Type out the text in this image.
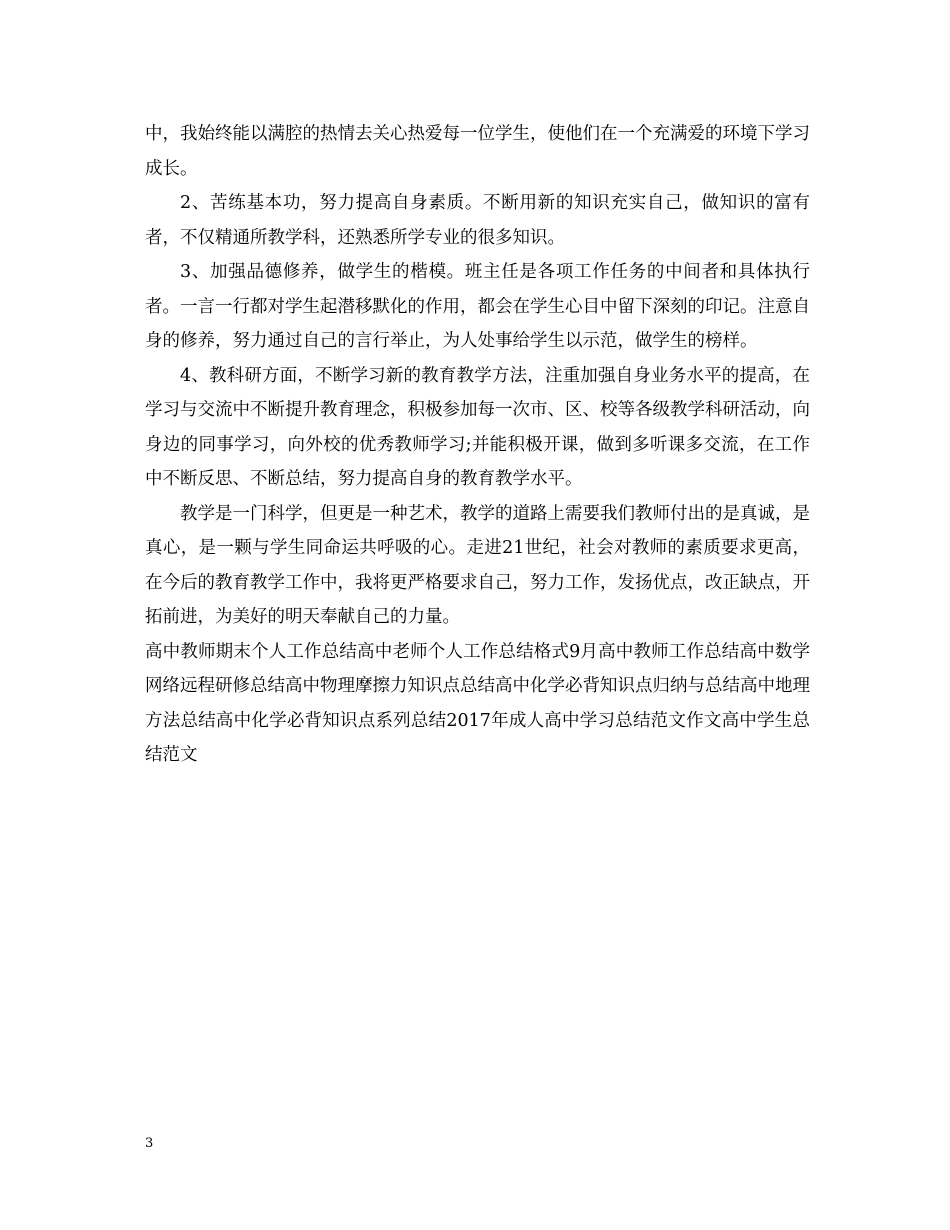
中，我始终能以满腔的热情去关心热爱每一位学生，使他们在一个充满爱的环境下学习成长。

2、苦练基本功，努力提高自身素质。不断用新的知识充实自己，做知识的富有者，不仅精通所教学科，还熟悉所学专业的很多知识。

3、加强品德修养，做学生的楷模。班主任是各项工作任务的中间者和具体执行者。一言一行都对学生起潜移默化的作用，都会在学生心目中留下深刻的印记。注意自身的修养，努力通过自己的言行举止，为人处事给学生以示范，做学生的榜样。

4、教科研方面，不断学习新的教育教学方法，注重加强自身业务水平的提高，在学习与交流中不断提升教育理念，积极参加每一次市、区、校等各级教学科研活动，向身边的同事学习，向外校的优秀教师学习;并能积极开课，做到多听课多交流，在工作中不断反思、不断总结，努力提高自身的教育教学水平。

教学是一门科学，但更是一种艺术，教学的道路上需要我们教师付出的是真诚，是真心，是一颗与学生同命运共呼吸的心。走进21世纪，社会对教师的素质要求更高，在今后的教育教学工作中，我将更严格要求自己，努力工作，发扬优点，改正缺点，开拓前进，为美好的明天奉献自己的力量。

高中教师期末个人工作总结高中老师个人工作总结格式9月高中教师工作总结高中数学网络远程研修总结高中物理摩擦力知识点总结高中化学必背知识点归纳与总结高中地理方法总结高中化学必背知识点系列总结2017年成人高中学习总结范文作文高中学生总结范文

3
